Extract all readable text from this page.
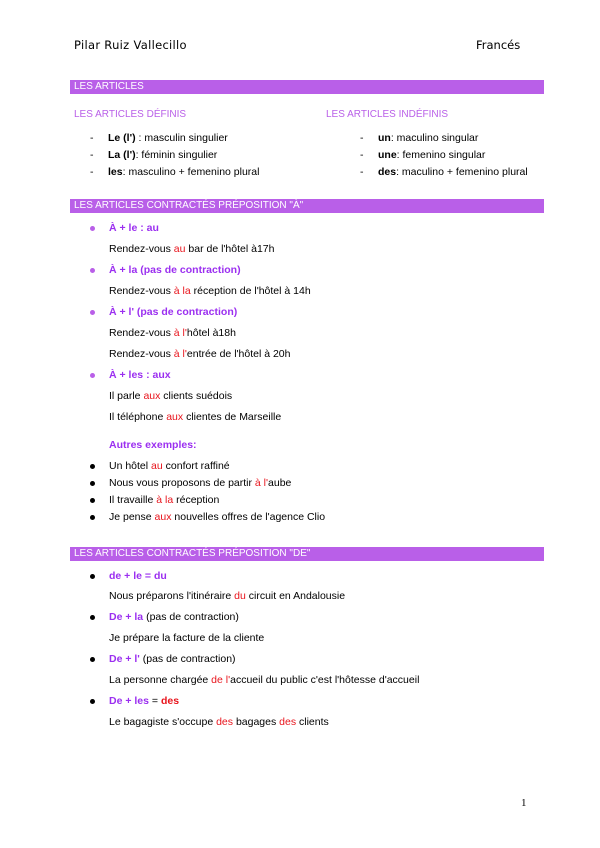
Pilar Ruiz Vallecillo	Francés
LES ARTICLES
LES ARTICLES DÉFINIS	LES ARTICLES INDÉFINIS
- Le (l') : masculin singulier
- La (l'): féminin singulier
- les: masculino + femenino plural
- un: maculino singular
- une: femenino singular
- des: maculino + femenino plural
LES ARTICLES CONTRACTÉS PRÉPOSITION "À"
À + le : au
Rendez-vous au bar de l'hôtel à17h
À + la (pas de contraction)
Rendez-vous à la réception de l'hôtel à 14h
À + l' (pas de contraction)
Rendez-vous à l'hôtel à18h
Rendez-vous à l'entrée de l'hôtel à 20h
À + les : aux
Il parle aux clients suédois
Il téléphone aux clientes de Marseille
Autres exemples:
Un hôtel au confort raffiné
Nous vous proposons de partir à l'aube
Il travaille à la réception
Je pense aux nouvelles offres de l'agence Clio
LES ARTICLES CONTRACTÉS PRÉPOSITION "DE"
de + le = du
Nous préparons l'itinéraire du circuit en Andalousie
De + la (pas de contraction)
Je prépare la facture de la cliente
De + l' (pas de contraction)
La personne chargée de l'accueil du public c'est l'hôtesse d'accueil
De + les = des
Le bagagiste s'occupe des bagages des clients
1
